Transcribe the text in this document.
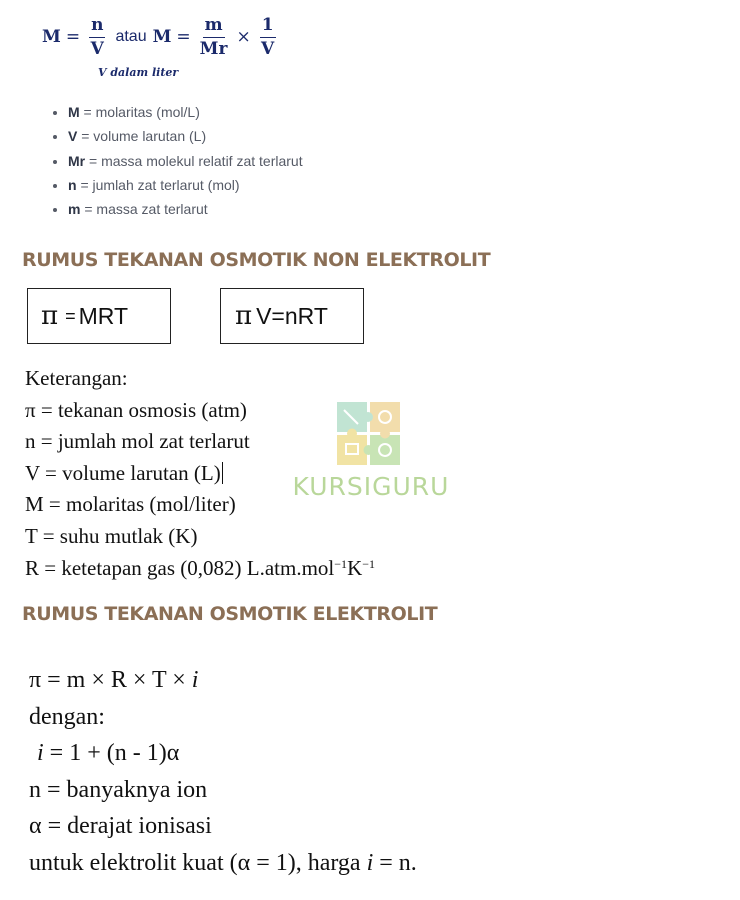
$M = \frac{n}{V}$ atau $M = \frac{m}{Mr} \times \frac{1}{V}$
V dalam liter
• M = molaritas (mol/L)
• V = volume larutan (L)
• Mr = massa molekul relatif zat terlarut
• n = jumlah zat terlarut (mol)
• m = massa zat terlarut
RUMUS TEKANAN OSMOTIK NON ELEKTROLIT
π = MRT	π V=nRT
KURSIGURU
Keterangan:
π = tekanan osmosis (atm)
n = jumlah mol zat terlarut
V = volume larutan (L)
M = molaritas (mol/liter)
T = suhu mutlak (K)
R = ketetapan gas (0,082) $L.atm.mol^{-1}K^{-1}$
RUMUS TEKANAN OSMOTIK ELEKTROLIT
π = m × R × T × i
dengan:
i = 1 + (n - 1)α
n = banyaknya ion
α = derajat ionisasi
untuk elektrolit kuat (α = 1), harga i = n.
